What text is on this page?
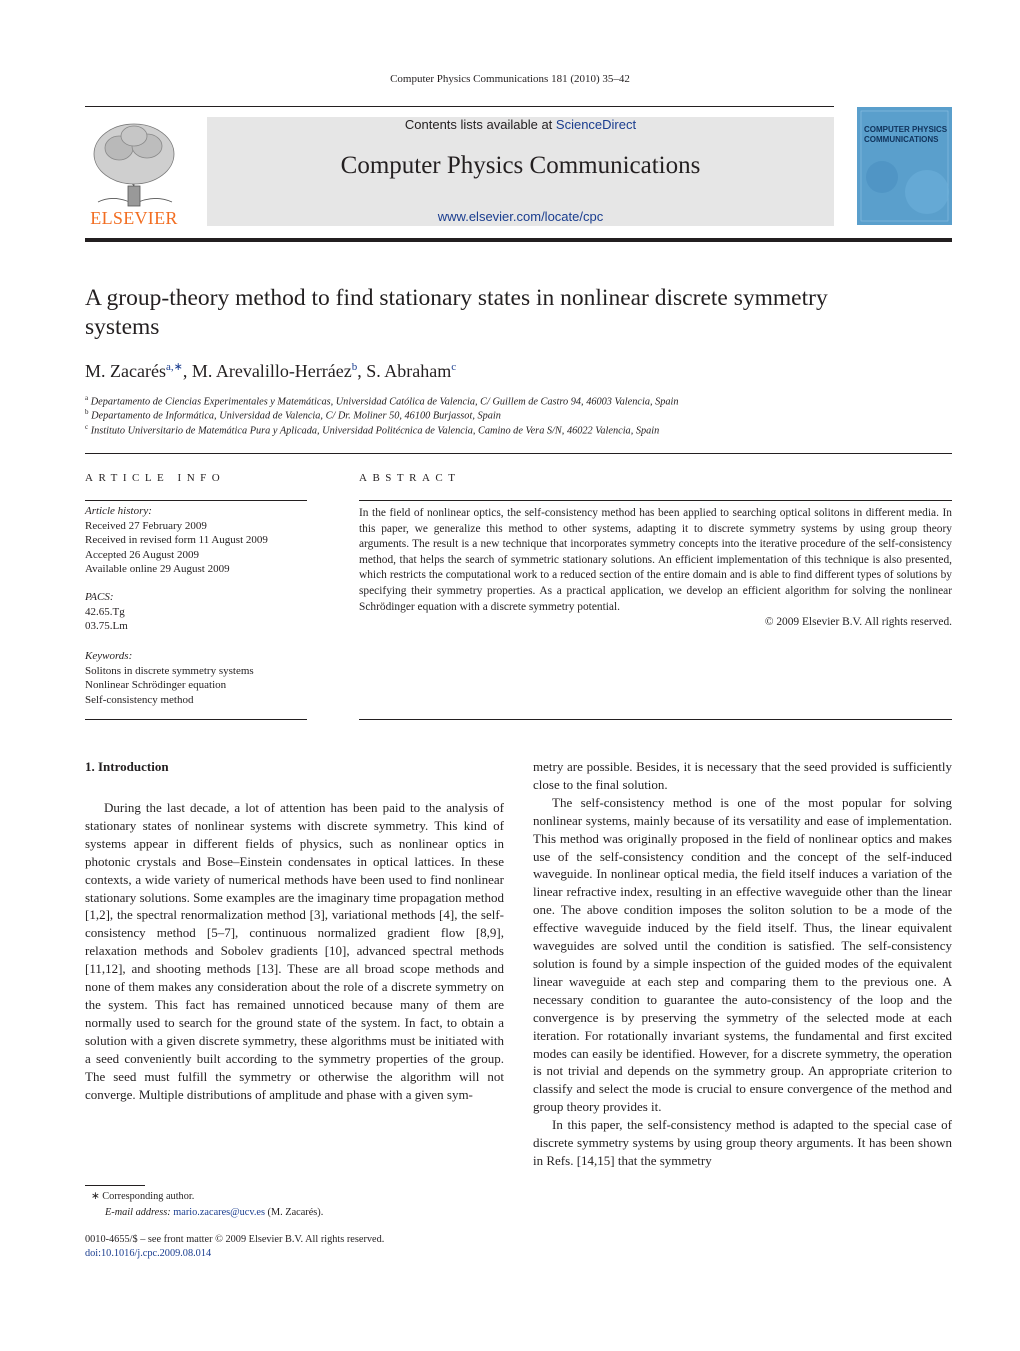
Computer Physics Communications 181 (2010) 35–42
ELSEVIER
Contents lists available at ScienceDirect
Computer Physics Communications
www.elsevier.com/locate/cpc
COMPUTER PHYSICS COMMUNICATIONS
A group-theory method to find stationary states in nonlinear discrete symmetry systems
M. Zacarés$^{a,∗}$, M. Arevalillo-Herráez$^b$, S. Abraham$^c$
$^a$ Departamento de Ciencias Experimentales y Matemáticas, Universidad Católica de Valencia, C/ Guillem de Castro 94, 46003 Valencia, Spain
$^b$ Departamento de Informática, Universidad de Valencia, C/ Dr. Moliner 50, 46100 Burjassot, Spain
$^c$ Instituto Universitario de Matemática Pura y Aplicada, Universidad Politécnica de Valencia, Camino de Vera S/N, 46022 Valencia, Spain
ARTICLE INFO
Article history:
Received 27 February 2009
Received in revised form 11 August 2009
Accepted 26 August 2009
Available online 29 August 2009
PACS:
42.65.Tg
03.75.Lm
Keywords:
Solitons in discrete symmetry systems
Nonlinear Schrödinger equation
Self-consistency method
ABSTRACT
In the field of nonlinear optics, the self-consistency method has been applied to searching optical solitons in different media. In this paper, we generalize this method to other systems, adapting it to discrete symmetry systems by using group theory arguments. The result is a new technique that incorporates symmetry concepts into the iterative procedure of the self-consistency method, that helps the search of symmetric stationary solutions. An efficient implementation of this technique is also presented, which restricts the computational work to a reduced section of the entire domain and is able to find different types of solutions by specifying their symmetry properties. As a practical application, we develop an efficient algorithm for solving the nonlinear Schrödinger equation with a discrete symmetry potential.
© 2009 Elsevier B.V. All rights reserved.
1. Introduction

During the last decade, a lot of attention has been paid to the analysis of stationary states of nonlinear systems with discrete symmetry. This kind of systems appear in different fields of physics, such as nonlinear optics in photonic crystals and Bose–Einstein condensates in optical lattices. In these contexts, a wide variety of numerical methods have been used to find nonlinear stationary solutions. Some examples are the imaginary time propagation method [1,2], the spectral renormalization method [3], variational methods [4], the self-consistency method [5–7], continuous normalized gradient flow [8,9], relaxation methods and Sobolev gradients [10], advanced spectral methods [11,12], and shooting methods [13]. These are all broad scope methods and none of them makes any consideration about the role of a discrete symmetry on the system. This fact has remained unnoticed because many of them are normally used to search for the ground state of the system. In fact, to obtain a solution with a given discrete symmetry, these algorithms must be initiated with a seed conveniently built according to the symmetry properties of the group. The seed must fulfill the symmetry or otherwise the algorithm will not converge. Multiple distributions of amplitude and phase with a given sym-

metry are possible. Besides, it is necessary that the seed provided is sufficiently close to the final solution.

The self-consistency method is one of the most popular for solving nonlinear systems, mainly because of its versatility and ease of implementation. This method was originally proposed in the field of nonlinear optics and makes use of the self-consistency condition and the concept of the self-induced waveguide. In nonlinear optical media, the field itself induces a variation of the linear refractive index, resulting in an effective waveguide other than the linear one. The above condition imposes the soliton solution to be a mode of the effective waveguide induced by the field itself. Thus, the linear equivalent waveguides are solved until the condition is satisfied. The self-consistency solution is found by a simple inspection of the guided modes of the equivalent linear waveguide at each step and comparing them to the previous one. A necessary condition to guarantee the auto-consistency of the loop and the convergence is by preserving the symmetry of the selected mode at each iteration. For rotationally invariant systems, the fundamental and first excited modes can easily be identified. However, for a discrete symmetry, the operation is not trivial and depends on the symmetry group. An appropriate criterion to classify and select the mode is crucial to ensure convergence of the method and group theory provides it.

In this paper, the self-consistency method is adapted to the special case of discrete symmetry systems by using group theory arguments. It has been shown in Refs. [14,15] that the symmetry

∗ Corresponding author.
E-mail address: mario.zacares@ucv.es (M. Zacarés).
0010-4655/$ – see front matter © 2009 Elsevier B.V. All rights reserved.
doi:10.1016/j.cpc.2009.08.014
